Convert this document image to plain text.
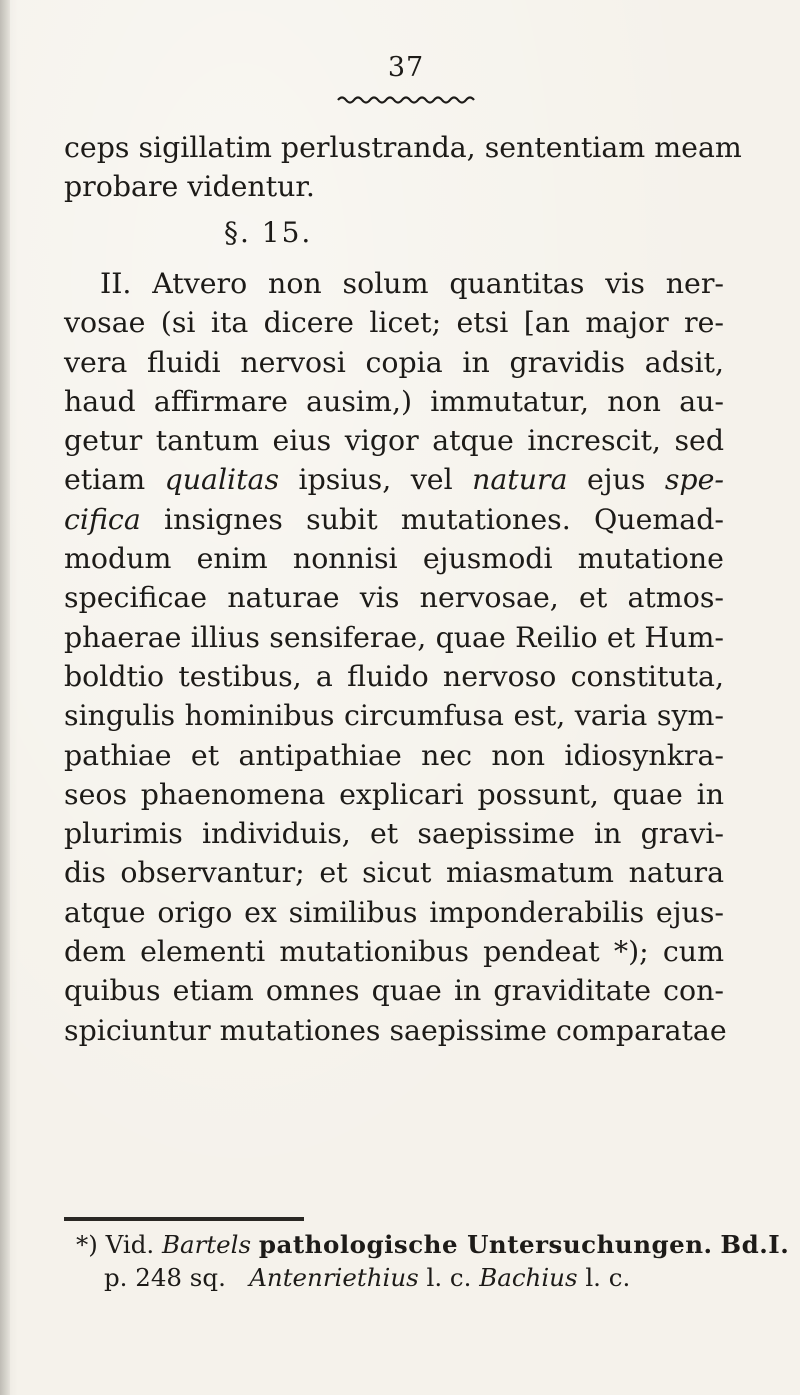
37
ceps sigillatim perlustranda, sententiam meam
probare videntur.
§. 15.
II. Atvero non solum quantitas vis ner-
vosae (si ita dicere licet; etsi [an major re-
vera fluidi nervosi copia in gravidis adsit,
haud affirmare ausim,) immutatur, non au-
getur tantum eius vigor atque increscit, sed
etiam qualitas ipsius, vel natura ejus spe-
cifica insignes subit mutationes. Quemad-
modum enim nonnisi ejusmodi mutatione
specificae naturae vis nervosae, et atmos-
phaerae illius sensiferae, quae Reilio et Hum-
boldtio testibus, a fluido nervoso constituta,
singulis hominibus circumfusa est, varia sym-
pathiae et antipathiae nec non idiosynkra-
seos phaenomena explicari possunt, quae in
plurimis individuis, et saepissime in gravi-
dis observantur; et sicut miasmatum natura
atque origo ex similibus imponderabilis ejus-
dem elementi mutationibus pendeat *); cum
quibus etiam omnes quae in graviditate con-
spiciuntur mutationes saepissime comparatae
*) Vid. Bartels pathologische Untersuchungen. Bd.I.
p. 248 sq. Antenriethius l. c. Bachius l. c.
